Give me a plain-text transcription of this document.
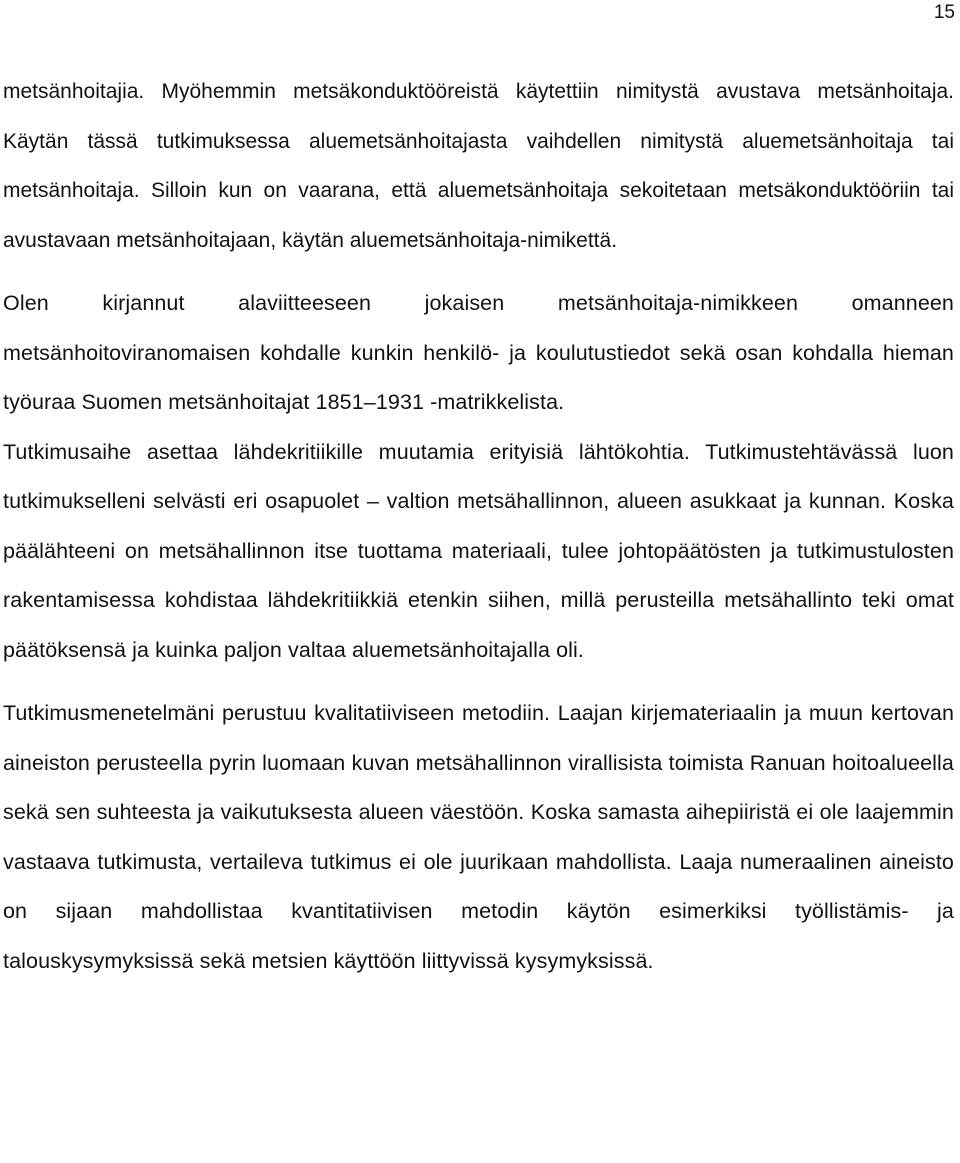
15

metsänhoitajia. Myöhemmin metsäkonduktööreistä käytettiin nimitystä avustava metsänhoitaja. Käytän tässä tutkimuksessa aluemetsänhoitajasta vaihdellen nimitystä aluemetsänhoitaja tai metsänhoitaja. Silloin kun on vaarana, että aluemetsänhoitaja sekoitetaan metsäkonduktööriin tai avustavaan metsänhoitajaan, käytän aluemetsänhoitaja-nimikettä.

Olen kirjannut alaviitteeseen jokaisen metsänhoitaja-nimikkeen omanneen metsänhoitoviranomaisen kohdalle kunkin henkilö- ja koulutustiedot sekä osan kohdalla hieman työuraa Suomen metsänhoitajat 1851–1931 -matrikkelista.

Tutkimusaihe asettaa lähdekritiikille muutamia erityisiä lähtökohtia. Tutkimustehtävässä luon tutkimukselleni selvästi eri osapuolet – valtion metsähallinnon, alueen asukkaat ja kunnan. Koska päälähteeni on metsähallinnon itse tuottama materiaali, tulee johtopäätösten ja tutkimustulosten rakentamisessa kohdistaa lähdekritiikkiä etenkin siihen, millä perusteilla metsähallinto teki omat päätöksensä ja kuinka paljon valtaa aluemetsänhoitajalla oli.

Tutkimusmenetelmäni perustuu kvalitatiiviseen metodiin. Laajan kirjemateriaalin ja muun kertovan aineiston perusteella pyrin luomaan kuvan metsähallinnon virallisista toimista Ranuan hoitoalueella sekä sen suhteesta ja vaikutuksesta alueen väestöön. Koska samasta aihepiiristä ei ole laajemmin vastaava tutkimusta, vertaileva tutkimus ei ole juurikaan mahdollista. Laaja numeraalinen aineisto on sijaan mahdollistaa kvantitatiivisen metodin käytön esimerkiksi työllistämis- ja talouskysymyksissä sekä metsien käyttöön liittyvissä kysymyksissä.
